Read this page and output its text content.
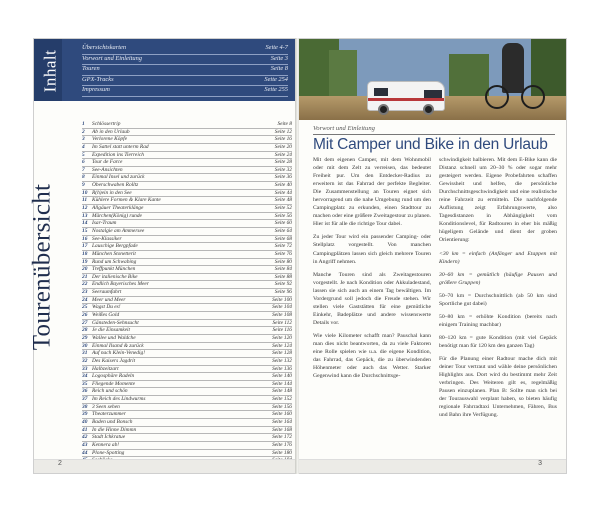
Inhalt
Übersichtskarten	Seite 4-7
Vorwort und Einleitung	Seite 3
Touren	Seite 8
GPX-Tracks	Seite 254
Impressum	Seite 255
Tourenübersicht
1 Schlössertrip	Seite 8
2 Ab in den Urlaub	Seite 12
3 Verlorene Köpfe	Seite 16
4 Im Sattel statt unterm Rad	Seite 20
5 Expedition ins Tierreich	Seite 24
6 Tour de Farce	Seite 28
7 See-Ansichten	Seite 32
8 Einmal Insel und zurück	Seite 36
9 Oberschwaben Rolltz	Seite 40
10 R(h)ein in den See	Seite 44
11 Kühlere Formen & Klare Kante	Seite 48
12 Allgäuer Theaterklänge	Seite 52
13 Märchen(König) runde	Seite 56
14 Isar-Traum	Seite 60
15 Nostalgie am Ammersee	Seite 64
16 See-Klassiker	Seite 68
17 Lauschige Bergpfade	Seite 72
18 München Stonetterit	Seite 76
19 Rund um Schwabing	Seite 80
20 Treffpunkt München	Seite 84
21 Der italienische Bike	Seite 88
22 Endlich Bayerisches Meer	Seite 92
23 Seeraumfahrt	Seite 96
24 Meer und Meer	Seite 100
25 Wagst Du es!	Seite 104
26 Weißes Gold	Seite 108
27 Gänsteden-Sehnsucht	Seite 112
28 Je die Einsamkeit	Seite 116
29 Wallee und Waldche	Seite 120
30 Einmal Ilsand & zurück	Seite 124
31 Auf nach Klein-Venedig!	Seite 128
32 Des Kaisers Jagdrit	Seite 132
33 Halbzeitzart	Seite 136
34 Logosphäre Radeln	Seite 140
35 Fliegende Momente	Seite 144
36 Reich und schön	Seite 148
37 Im Reich des Lindwurms	Seite 152
38 3 Seen sehen	Seite 156
39 Theaterzummer	Seite 160
40 Baden und Bonsch	Seite 164
41 In die Hinne Dimmn	Seite 168
42 Stadt Ichkratue	Seite 172
43 Kennera ab!	Seite 176
44 Plone-Spotting	Seite 180
2
Vorwort und Einleitung
Mit Camper und Bike in den Urlaub

Mit dem eigenen Camper, mit dem Wohnmobil oder mit dem Zelt zu verreisen, das bedeutet Freiheit pur. Um den Entdecker-Radius zu erweitern ist das Fahrrad der perfekte Begleiter. Die Zusammenstellung an Touren eignet sich hervorragend um die nahe Umgebung rund um den Campingplatz zu erkunden, einen Stadttour zu machen oder eine größere Zweitagestour zu planen. Hier ist für alle die richtige Tour dabei.

Zu jeder Tour wird ein passender Camping- oder Stellplatz vorgestellt. Von manchen Campingplätzen lassen sich gleich mehrere Touren in Angriff nehmen.

Manche Touren sind als Zweitagestouren vorgestellt. Je nach Kondition oder Akkuladestand, lassen sie sich auch an einem Tag bewältigen. Im Vordergrund soll jedoch die Freude stehen. Wir stellen viele Gaststätten für eine gemütliche Einkehr, Badeplätze und andere wissenswerte Details vor.

Wie viele Kilometer schafft man? Pauschal kann man dies nicht beantworten, da zu viele Faktoren eine Rolle spielen wie u.a. die eigene Kondition, das Fahrrad, das Gepäck, die zu überwindenden Höhenmeter oder auch das Wetter. Starker Gegenwind kann die Durchschnittsge-

schwindigkeit halbieren. Mit dem E-Bike kann die Distanz schnell um 20–30 % oder sogar mehr gesteigert werden. Eigene Probefahrten schaffen Gewissheit und helfen, die persönliche Durchschnittsgeschwindigkeit und eine realistische reine Fahrzeit zu ermitteln. Die nachfolgende Auflistung zeigt Erfahrungswerte, also Tagesdistanzen in Abhängigkeit vom Konditionslevel, für Radtouren in eher bis mäßig hügeligem Gelände und dient der groben Orientierung:

<30 km = einfach (Anfänger und Etappen mit Kindern)

30–60 km = gemütlich (häufige Pausen und größere Gruppen)

50–70 km = Durchschnittlich (ab 50 km sind Sportliche gut dabei)

50–80 km = erhöhte Kondition (bereits nach einigem Training machbar)

80–120 km = gute Kondition (mit viel Gepäck benötigt man für 120 km den ganzen Tag)

Für die Planung einer Radtour mache dich mit deiner Tour vertraut und wähle deine persönlichen Highlights aus. Dort wird du bestimmt mehr Zeit verbringen. Des Weiteren gilt es, regelmäßig Pausen einzuplanen. Plan B: Sollte man sich bei der Tourauswahl verplant haben, so bieten häufig regionale Fahrradtaxi Unternehmen, Fähren, Bus und Bahn ihre Verfügung.

3
